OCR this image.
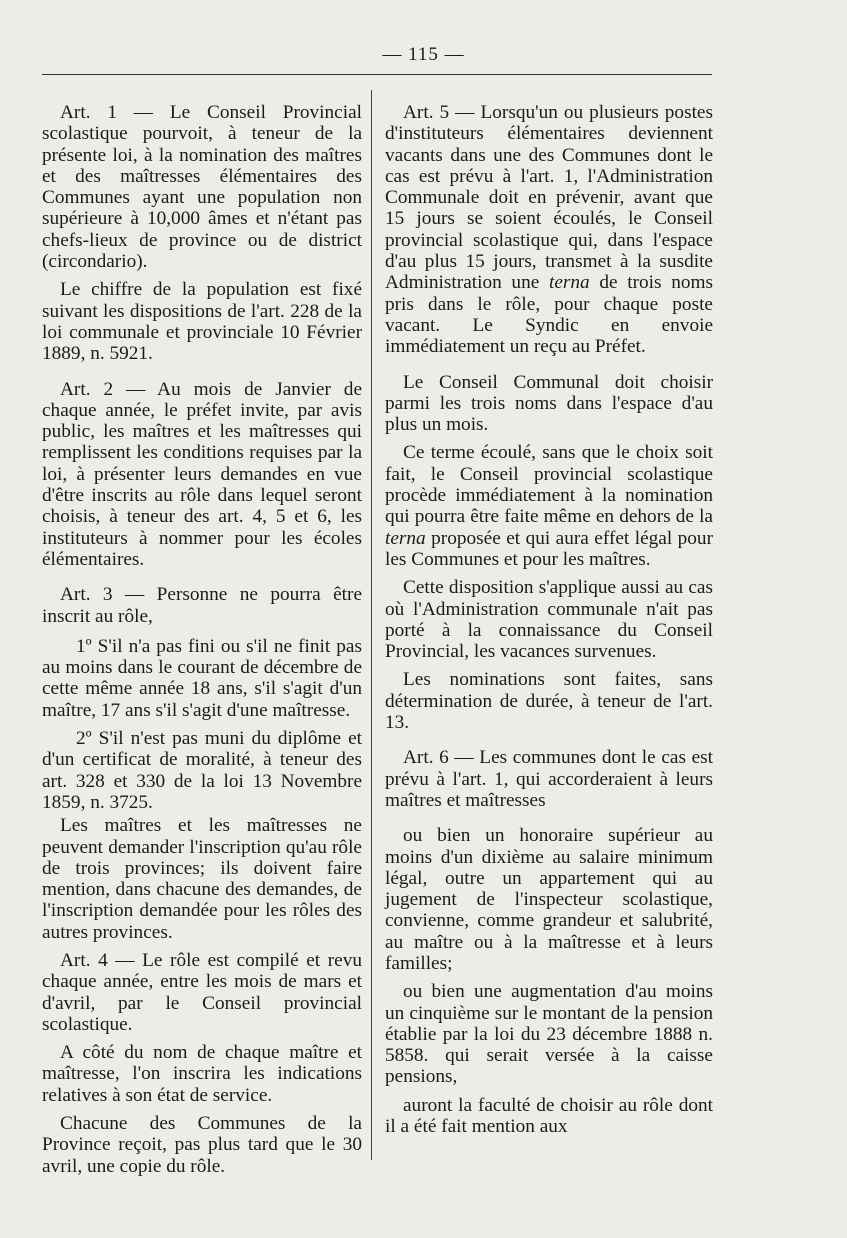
— 115 —

Art. 1 — Le Conseil Provincial scolastique pourvoit, à teneur de la présente loi, à la nomination des maîtres et des maîtresses élémentaires des Communes ayant une population non supérieure à 10,000 âmes et n'étant pas chefs-lieux de province ou de district (circondario).

Le chiffre de la population est fixé suivant les dispositions de l'art. 228 de la loi communale et provinciale 10 Février 1889, n. 5921.

Art. 2 — Au mois de Janvier de chaque année, le préfet invite, par avis public, les maîtres et les maîtresses qui remplissent les conditions requises par la loi, à présenter leurs demandes en vue d'être inscrits au rôle dans lequel seront choisis, à teneur des art. 4, 5 et 6, les instituteurs à nommer pour les écoles élémentaires.

Art. 3 — Personne ne pourra être inscrit au rôle,

1º S'il n'a pas fini ou s'il ne finit pas au moins dans le courant de décembre de cette même année 18 ans, s'il s'agit d'un maître, 17 ans s'il s'agit d'une maîtresse.

2º S'il n'est pas muni du diplôme et d'un certificat de moralité, à teneur des art. 328 et 330 de la loi 13 Novembre 1859, n. 3725.

Les maîtres et les maîtresses ne peuvent demander l'inscription qu'au rôle de trois provinces; ils doivent faire mention, dans chacune des demandes, de l'inscription demandée pour les rôles des autres provinces.

Art. 4 — Le rôle est compilé et revu chaque année, entre les mois de mars et d'avril, par le Conseil provincial scolastique.

A côté du nom de chaque maître et maîtresse, l'on inscrira les indications relatives à son état de service.

Chacune des Communes de la Province reçoit, pas plus tard que le 30 avril, une copie du rôle.

Art. 5 — Lorsqu'un ou plusieurs postes d'instituteurs élémentaires deviennent vacants dans une des Communes dont le cas est prévu à l'art. 1, l'Administration Communale doit en prévenir, avant que 15 jours se soient écoulés, le Conseil provincial scolastique qui, dans l'espace d'au plus 15 jours, transmet à la susdite Administration une terna de trois noms pris dans le rôle, pour chaque poste vacant. Le Syndic en envoie immédiatement un reçu au Préfet.

Le Conseil Communal doit choisir parmi les trois noms dans l'espace d'au plus un mois.

Ce terme écoulé, sans que le choix soit fait, le Conseil provincial scolastique procède immédiatement à la nomination qui pourra être faite même en dehors de la terna proposée et qui aura effet légal pour les Communes et pour les maîtres.

Cette disposition s'applique aussi au cas où l'Administration communale n'ait pas porté à la connaissance du Conseil Provincial, les vacances survenues.

Les nominations sont faites, sans détermination de durée, à teneur de l'art. 13.

Art. 6 — Les communes dont le cas est prévu à l'art. 1, qui accorderaient à leurs maîtres et maîtresses

ou bien un honoraire supérieur au moins d'un dixième au salaire minimum légal, outre un appartement qui au jugement de l'inspecteur scolastique, convienne, comme grandeur et salubrité, au maître ou à la maîtresse et à leurs familles;

ou bien une augmentation d'au moins un cinquième sur le montant de la pension établie par la loi du 23 décembre 1888 n. 5858. qui serait versée à la caisse pensions,

auront la faculté de choisir au rôle dont il a été fait mention aux
